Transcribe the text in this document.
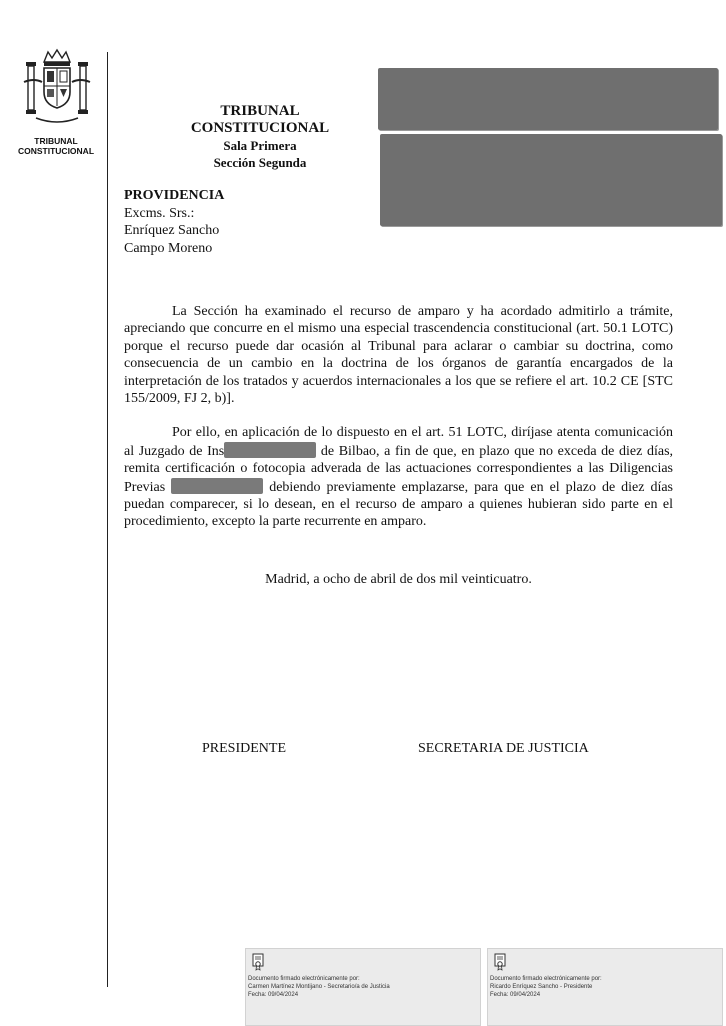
TRIBUNAL
CONSTITUCIONAL
TRIBUNAL CONSTITUCIONAL
Sala Primera
Sección Segunda
PROVIDENCIA
Excms. Srs.:
Enríquez Sancho
Campo Moreno

La Sección ha examinado el recurso de amparo y ha acordado admitirlo a trámite, apreciando que concurre en el mismo una especial trascendencia constitucional (art. 50.1 LOTC) porque el recurso puede dar ocasión al Tribunal para aclarar o cambiar su doctrina, como consecuencia de un cambio en la doctrina de los órganos de garantía encargados de la interpretación de los tratados y acuerdos internacionales a los que se refiere el art. 10.2 CE [STC 155/2009, FJ 2, b)].

Por ello, en aplicación de lo dispuesto en el art. 51 LOTC, diríjase atenta comunicación al Juzgado de Ins	de Bilbao, a fin de que, en plazo que no exceda de diez días, remita certificación o fotocopia adverada de las actuaciones correspondientes a las Diligencias Previas	debiendo previamente emplazarse, para que en el plazo de diez días puedan comparecer, si lo desean, en el recurso de amparo a quienes hubieran sido parte en el procedimiento, excepto la parte recurrente en amparo.

Madrid, a ocho de abril de dos mil veinticuatro.
PRESIDENTE	SECRETARIA DE JUSTICIA
Documento firmado electrónicamente por:
Carmen Martínez Montijano - Secretario/a de Justicia
Fecha: 09/04/2024
Documento firmado electrónicamente por:
Ricardo Enríquez Sancho - Presidente
Fecha: 09/04/2024
